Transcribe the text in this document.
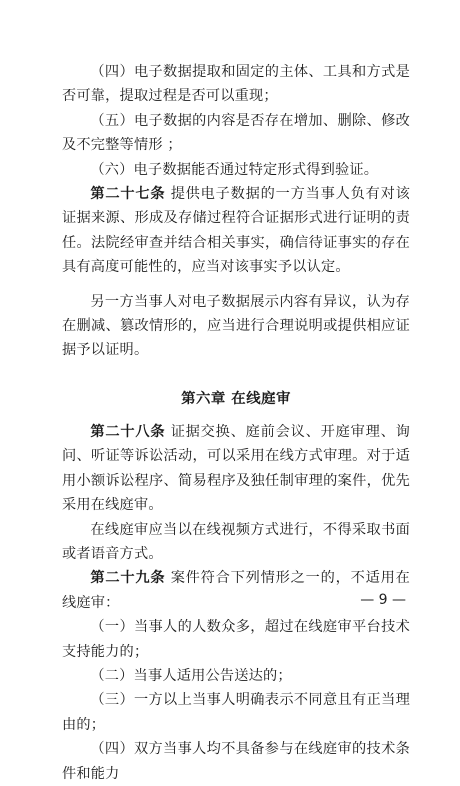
（四）电子数据提取和固定的主体、工具和方式是否可靠，提取过程是否可以重现；

（五）电子数据的内容是否存在增加、删除、修改及不完整等情形 ；

（六）电子数据能否通过特定形式得到验证。

第二十七条 提供电子数据的一方当事人负有对该证据来源、形成及存储过程符合证据形式进行证明的责任。法院经审查并结合相关事实，确信待证事实的存在具有高度可能性的，应当对该事实予以认定。

另一方当事人对电子数据展示内容有异议，认为存在删减、篡改情形的，应当进行合理说明或提供相应证据予以证明。

第六章 在线庭审

第二十八条 证据交换、庭前会议、开庭审理、询问、听证等诉讼活动，可以采用在线方式审理。对于适用小额诉讼程序、简易程序及独任制审理的案件，优先采用在线庭审。

在线庭审应当以在线视频方式进行，不得采取书面或者语音方式。

第二十九条 案件符合下列情形之一的，不适用在线庭审：

（一）当事人的人数众多，超过在线庭审平台技术支持能力的；

（二）当事人适用公告送达的；

（三）一方以上当事人明确表示不同意且有正当理由的；

（四）双方当事人均不具备参与在线庭审的技术条件和能力

— 9 —
